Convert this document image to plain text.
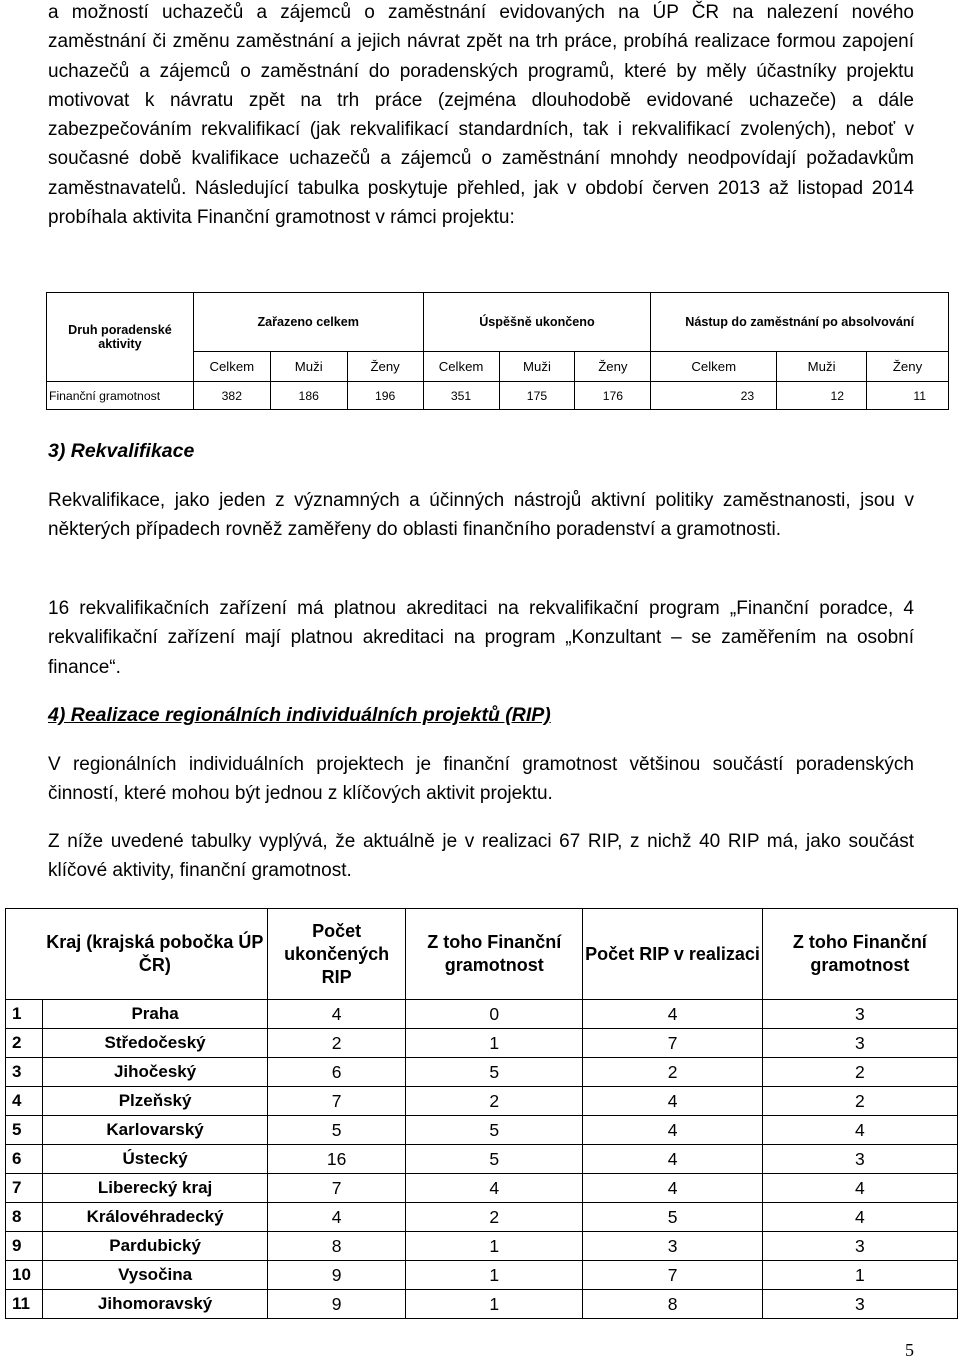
a možností uchazečů a zájemců o zaměstnání evidovaných na ÚP ČR na nalezení nového zaměstnání či změnu zaměstnání a jejich návrat zpět na trh práce, probíhá realizace formou zapojení uchazečů a zájemců o zaměstnání do poradenských programů, které by měly účastníky projektu motivovat k návratu zpět na trh práce (zejména dlouhodobě evidované uchazeče) a dále zabezpečováním rekvalifikací (jak rekvalifikací standardních, tak i rekvalifikací zvolených), neboť v současné době kvalifikace uchazečů a zájemců o zaměstnání mnohdy neodpovídají požadavkům zaměstnavatelů. Následující tabulka poskytuje přehled, jak v období červen 2013 až listopad 2014 probíhala aktivita Finanční gramotnost v rámci projektu:

Druh poradenské aktivity	Zařazeno celkem			Úspěšně ukončeno			Nástup do zaměstnání po absolvování		
	Celkem	Muži	Ženy	Celkem	Muži	Ženy	Celkem	Muži	Ženy
Finanční gramotnost	382	186	196	351	175	176	23	12	11

3) Rekvalifikace

Rekvalifikace, jako jeden z významných a účinných nástrojů aktivní politiky zaměstnanosti, jsou v některých případech rovněž zaměřeny do oblasti finančního poradenství a gramotnosti.

16 rekvalifikačních zařízení má platnou akreditaci na rekvalifikační program „Finanční poradce, 4 rekvalifikační zařízení mají platnou akreditaci na program „Konzultant – se zaměřením na osobní finance“.

4) Realizace regionálních individuálních projektů (RIP)

V regionálních individuálních projektech je finanční gramotnost většinou součástí poradenských činností, které mohou být jednou z klíčových aktivit projektu.

Z níže uvedené tabulky vyplývá, že aktuálně je v realizaci 67 RIP, z nichž 40 RIP má, jako součást klíčové aktivity, finanční gramotnost.

	Kraj (krajská pobočka ÚP ČR)	Počet ukončených RIP	Z toho Finanční gramotnost	Počet RIP v realizaci	Z toho Finanční gramotnost
1	Praha	4	0	4	3
2	Středočeský	2	1	7	3
3	Jihočeský	6	5	2	2
4	Plzeňský	7	2	4	2
5	Karlovarský	5	5	4	4
6	Ústecký	16	5	4	3
7	Liberecký kraj	7	4	4	4
8	Královéhradecký	4	2	5	4
9	Pardubický	8	1	3	3
10	Vysočina	9	1	7	1
11	Jihomoravský	9	1	8	3
5
